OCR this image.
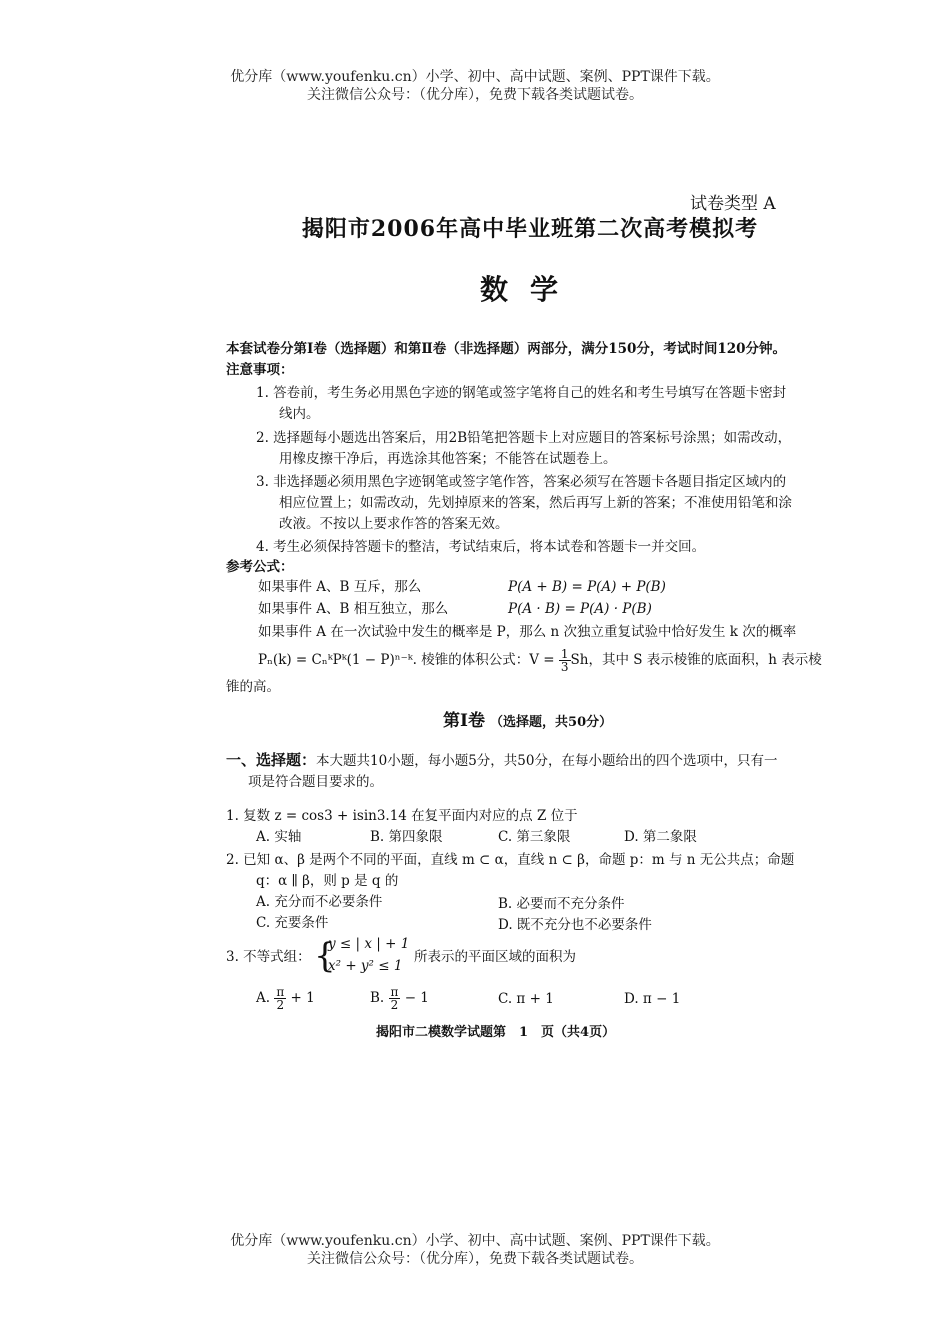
优分库（www.youfenku.cn）小学、初中、高中试题、案例、PPT课件下载。
关注微信公众号：（优分库），免费下载各类试题试卷。
试卷类型 A
揭阳市2006年高中毕业班第二次高考模拟考
数学
本套试卷分第Ⅰ卷（选择题）和第Ⅱ卷（非选择题）两部分，满分150分，考试时间120分钟。
注意事项：
1. 答卷前，考生务必用黑色字迹的钢笔或签字笔将自己的姓名和考生号填写在答题卡密封
线内。
2. 选择题每小题选出答案后，用2B铅笔把答题卡上对应题目的答案标号涂黑；如需改动，
用橡皮擦干净后，再选涂其他答案；不能答在试题卷上。
3. 非选择题必须用黑色字迹钢笔或签字笔作答，答案必须写在答题卡各题目指定区域内的
相应位置上；如需改动，先划掉原来的答案，然后再写上新的答案；不准使用铅笔和涂
改液。不按以上要求作答的答案无效。
4. 考生必须保持答题卡的整洁，考试结束后，将本试卷和答题卡一并交回。
参考公式：
如果事件 A、B 互斥，那么	P(A + B) = P(A) + P(B)
如果事件 A、B 相互独立，那么	P(A · B) = P(A) · P(B)
如果事件 A 在一次试验中发生的概率是 P，那么 n 次独立重复试验中恰好发生 k 次的概率
Pₙ(k) = CₙᵏPᵏ(1 − P)ⁿ⁻ᵏ. 棱锥的体积公式：$V = \frac{1}{3}$ Sh，其中 S 表示棱锥的底面积，h 表示棱
锥的高。
第Ⅰ卷 （选择题，共50分）
一、选择题：本大题共10小题，每小题5分，共50分，在每小题给出的四个选项中，只有一
项是符合题目要求的。
1. 复数 z = cos3 + isin3.14 在复平面内对应的点 Z 位于
A. 实轴	B. 第四象限	C. 第三象限	D. 第二象限
2. 已知 α、β 是两个不同的平面，直线 m ⊂ α，直线 n ⊂ β，命题 p：m 与 n 无公共点；命题
q：α ∥ β，则 p 是 q 的
A. 充分而不必要条件	B. 必要而不充分条件
C. 充要条件	D. 既不充分也不必要条件
3. 不等式组： {
y ≤ | x | + 1
x² + y² ≤ 1
所表示的平面区域的面积为
A. $\frac{\pi}{2} + 1$	B. $\frac{\pi}{2} - 1$	C. π + 1	D. π − 1
揭阳市二模数学试题第　1　页（共4页）
优分库（www.youfenku.cn）小学、初中、高中试题、案例、PPT课件下载。
关注微信公众号：（优分库），免费下载各类试题试卷。
